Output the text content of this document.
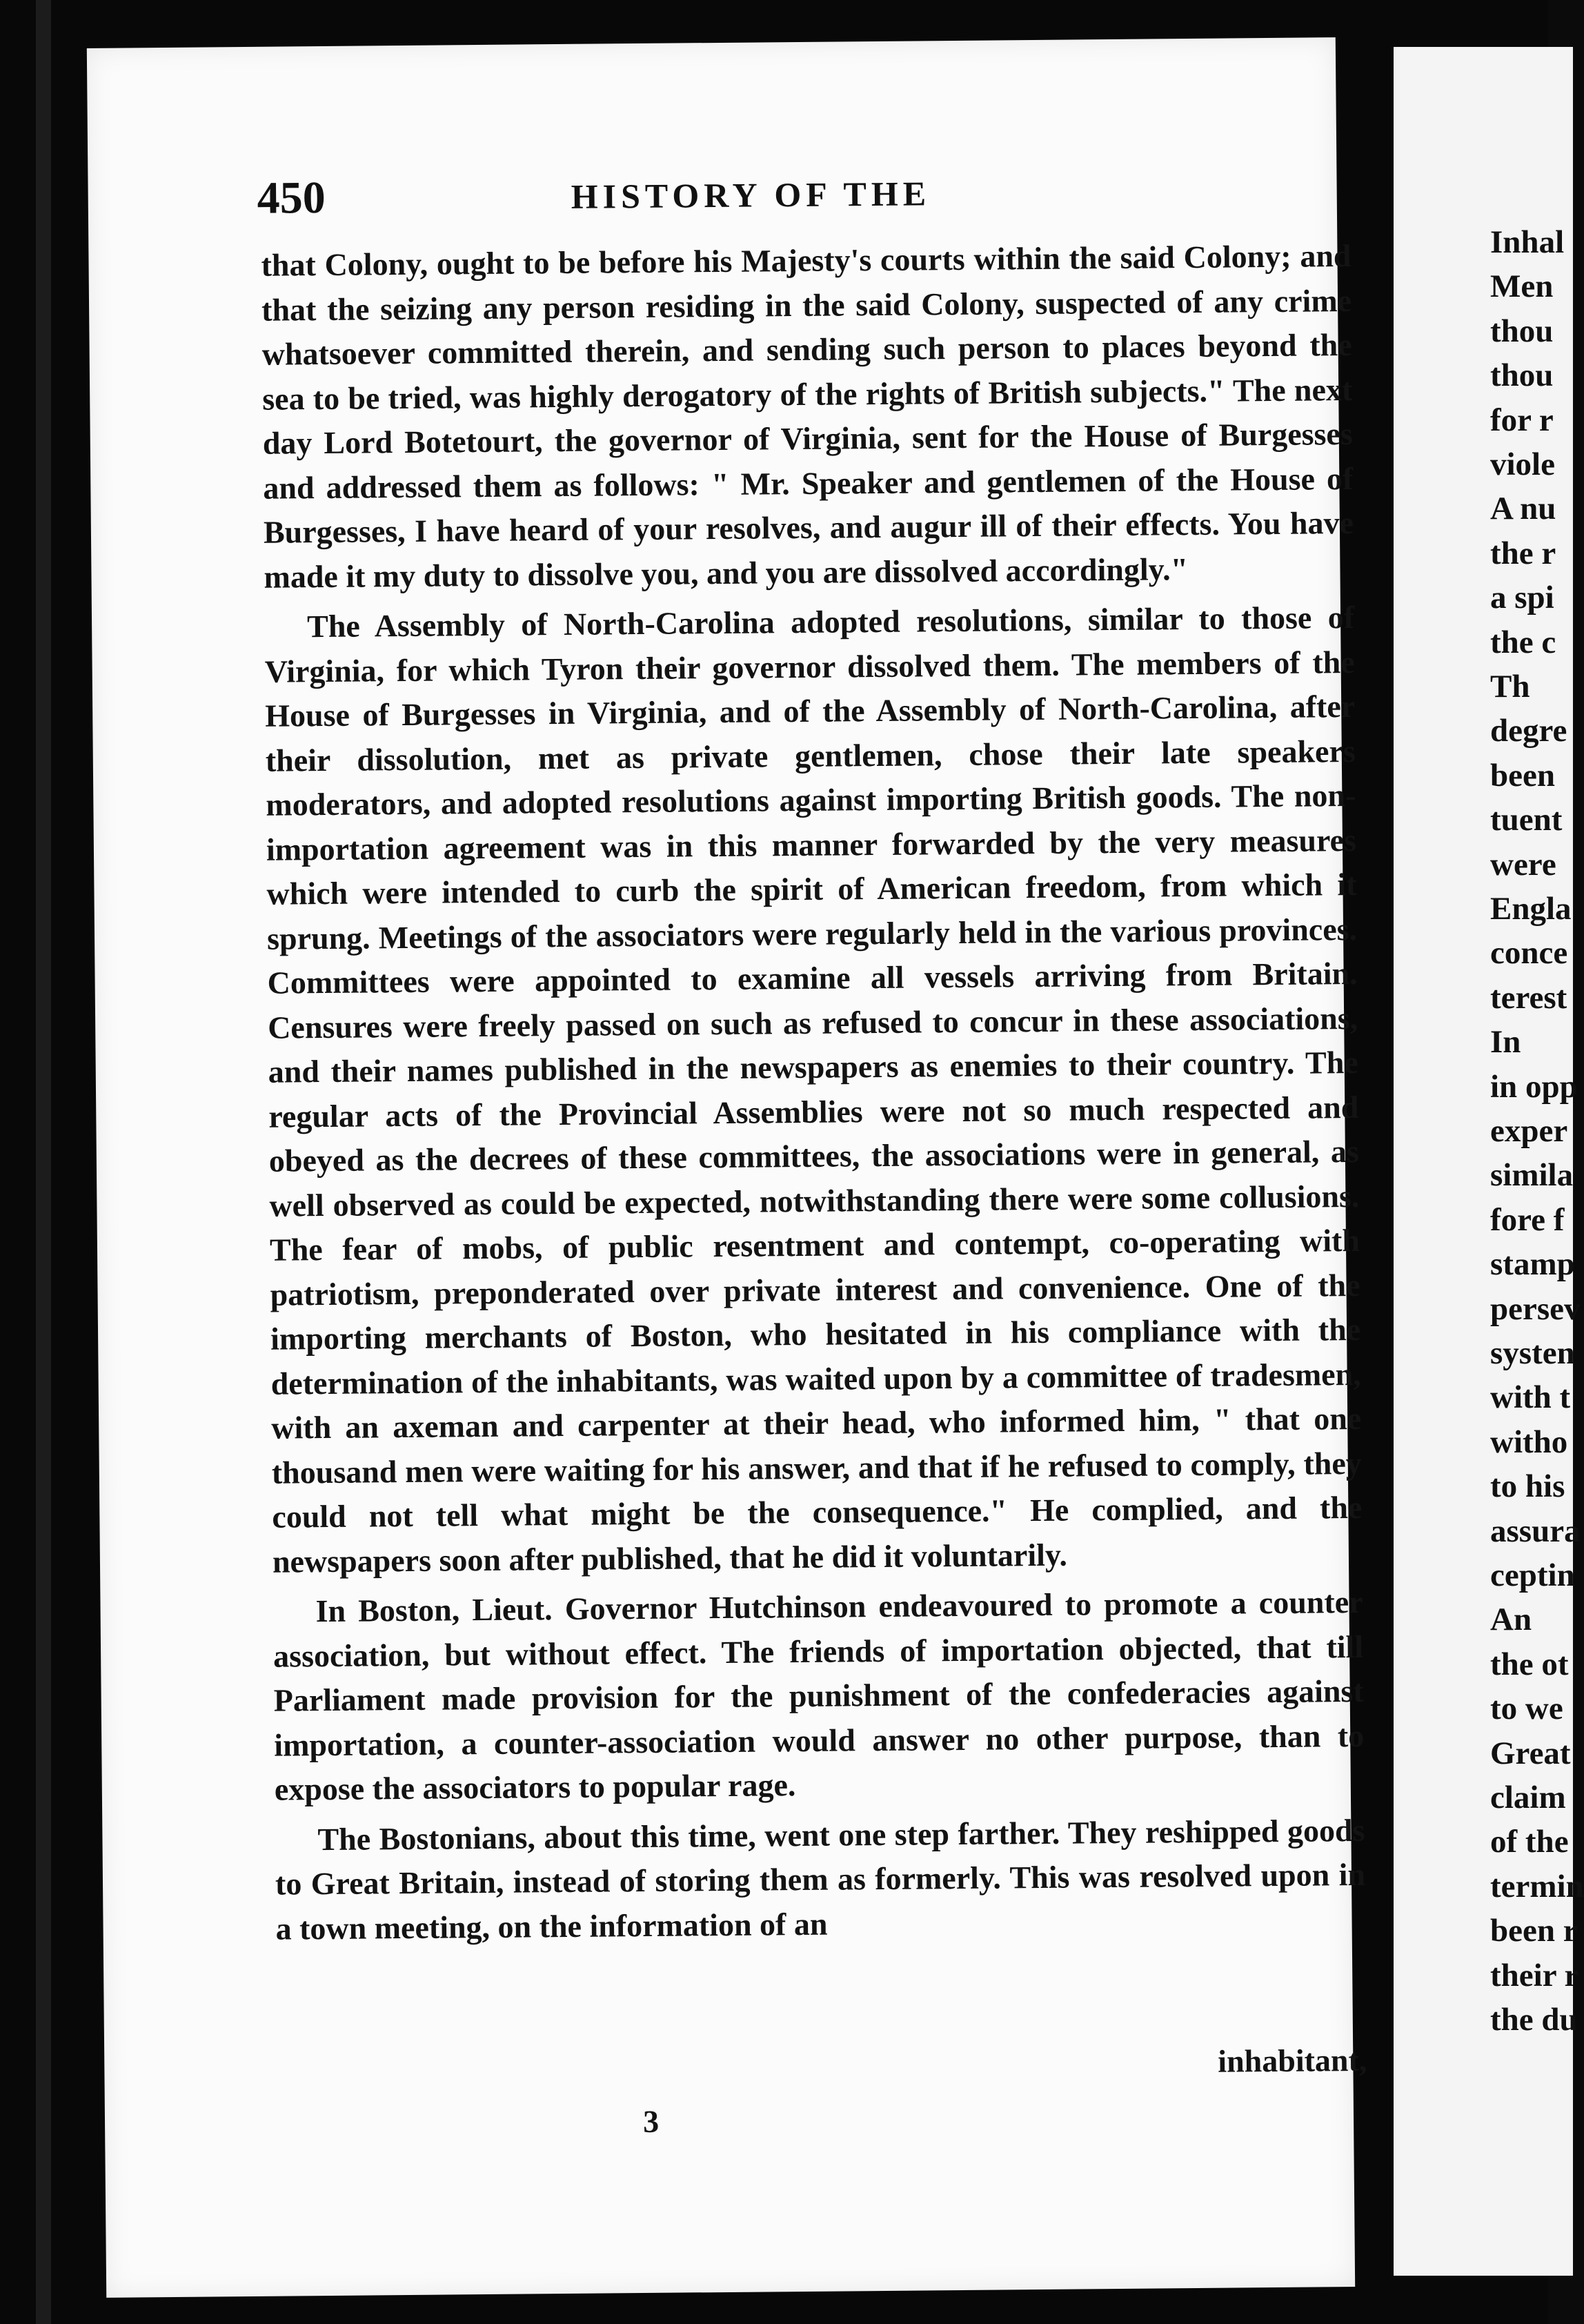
450	HISTORY OF THE

that Colony, ought to be before his Majesty's courts within the said Colony; and that the seizing any person residing in the said Colony, suspected of any crime whatsoever committed therein, and sending such person to places beyond the sea to be tried, was highly derogatory of the rights of British subjects." The next day Lord Botetourt, the governor of Virginia, sent for the House of Burgesses and addressed them as follows: " Mr. Speaker and gentlemen of the House of Burgesses, I have heard of your resolves, and augur ill of their effects. You have made it my duty to dissolve you, and you are dissolved accordingly."

The Assembly of North-Carolina adopted resolutions, similar to those of Virginia, for which Tyron their governor dissolved them. The members of the House of Burgesses in Virginia, and of the Assembly of North-Carolina, after their dissolution, met as private gentlemen, chose their late speakers moderators, and adopted resolutions against importing British goods. The non-importation agreement was in this manner forwarded by the very measures which were intended to curb the spirit of American freedom, from which it sprung. Meetings of the associators were regularly held in the various provinces. Committees were appointed to examine all vessels arriving from Britain. Censures were freely passed on such as refused to concur in these associations, and their names published in the newspapers as enemies to their country. The regular acts of the Provincial Assemblies were not so much respected and obeyed as the decrees of these committees, the associations were in general, as well observed as could be expected, notwithstanding there were some collusions. The fear of mobs, of public resentment and contempt, co-operating with patriotism, preponderated over private interest and convenience. One of the importing merchants of Boston, who hesitated in his compliance with the determination of the inhabitants, was waited upon by a committee of tradesmen, with an axeman and carpenter at their head, who informed him, " that one thousand men were waiting for his answer, and that if he refused to comply, they could not tell what might be the consequence." He complied, and the newspapers soon after published, that he did it voluntarily.

In Boston, Lieut. Governor Hutchinson endeavoured to promote a counter association, but without effect. The friends of importation objected, that till Parliament made provision for the punishment of the confederacies against importation, a counter-association would answer no other purpose, than to expose the associators to popular rage.

The Bostonians, about this time, went one step farther. They reshipped goods to Great Britain, instead of storing them as formerly. This was resolved upon in a town meeting, on the information of an

inhabitant,
3
Inhal
Men
thou
thou
for r
viole
A nu
the r
a spi
the c
Th
degre
been
tuent
were
Engla
conce
terest
In
in opp
exper
simila
fore f
stamp
persev
systen
with t
witho
to his
assura
ceptin
An
the ot
to we
Great
claim
of the
termin
been r
their r
the du
